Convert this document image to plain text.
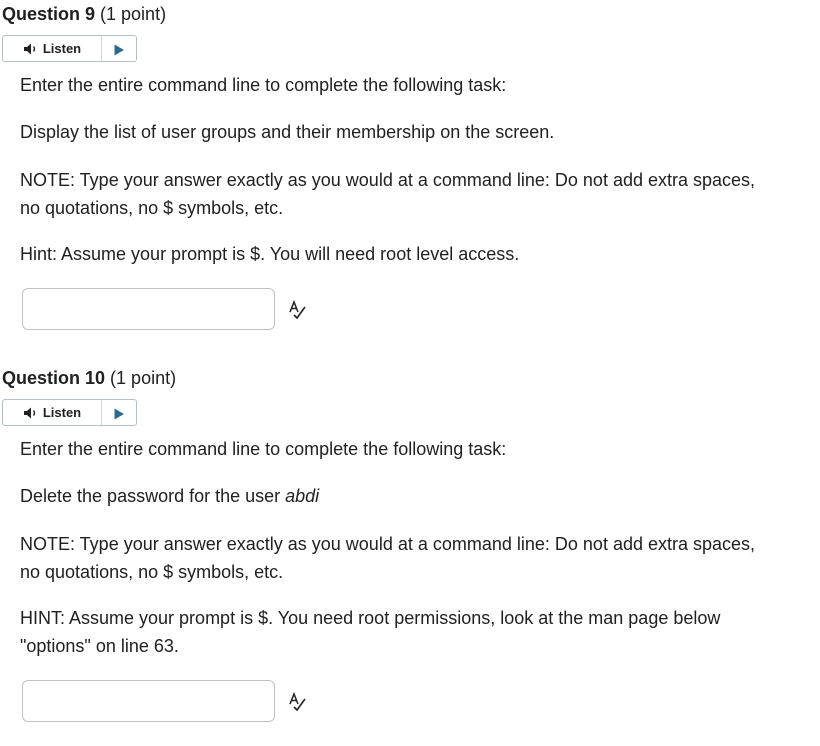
Question 9 (1 point)
Listen

Enter the entire command line to complete the following task:

Display the list of user groups and their membership on the screen.

NOTE: Type your answer exactly as you would at a command line: Do not add extra spaces, no quotations, no $ symbols, etc.

Hint: Assume your prompt is $. You will need root level access.

Question 10 (1 point)
Listen

Enter the entire command line to complete the following task:

Delete the password for the user abdi

NOTE: Type your answer exactly as you would at a command line: Do not add extra spaces, no quotations, no $ symbols, etc.

HINT: Assume your prompt is $. You need root permissions, look at the man page below "options" on line 63.
